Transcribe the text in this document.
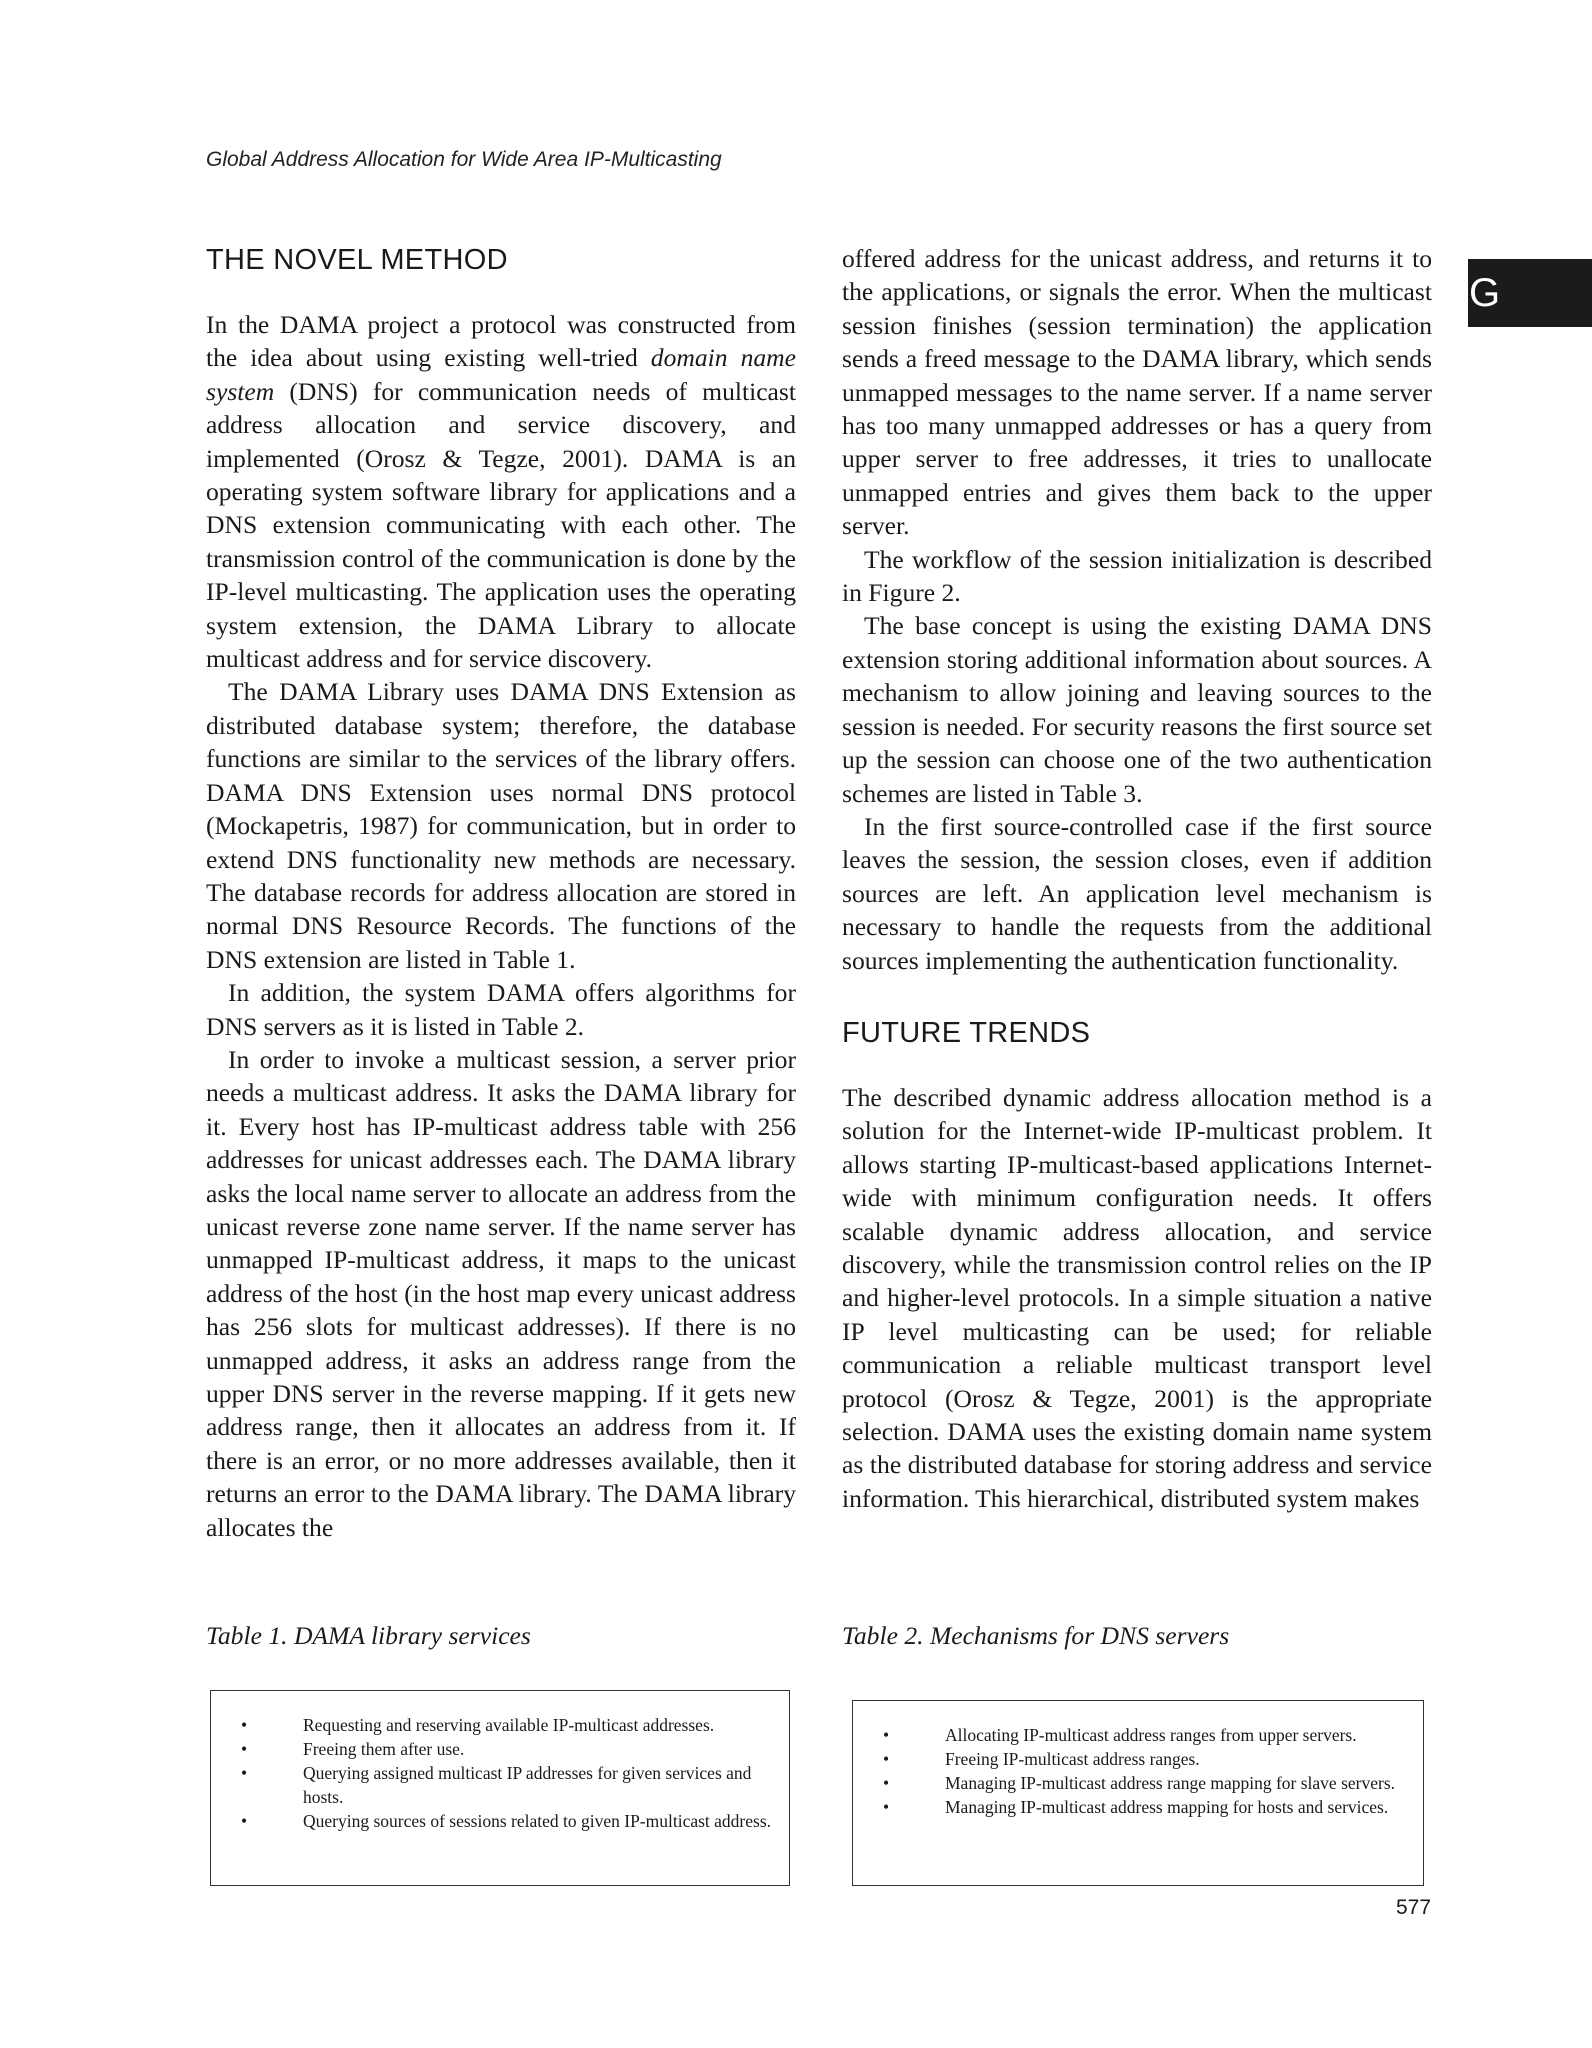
Global Address Allocation for Wide Area IP-Multicasting
G
THE NOVEL METHOD

In the DAMA project a protocol was constructed from the idea about using existing well-tried domain name system (DNS) for communication needs of multicast address allocation and service discovery, and implemented (Orosz & Tegze, 2001). DAMA is an operating system software library for applications and a DNS extension communicating with each other. The transmission control of the communication is done by the IP-level multicasting. The application uses the operating system extension, the DAMA Library to allocate multicast address and for service discovery.

The DAMA Library uses DAMA DNS Extension as distributed database system; therefore, the database functions are similar to the services of the library offers. DAMA DNS Extension uses normal DNS protocol (Mockapetris, 1987) for communication, but in order to extend DNS functionality new methods are necessary. The database records for address allocation are stored in normal DNS Resource Records. The functions of the DNS extension are listed in Table 1.

In addition, the system DAMA offers algorithms for DNS servers as it is listed in Table 2.

In order to invoke a multicast session, a server prior needs a multicast address. It asks the DAMA library for it. Every host has IP-multicast address table with 256 addresses for unicast addresses each. The DAMA library asks the local name server to allocate an address from the unicast reverse zone name server. If the name server has unmapped IP-multicast address, it maps to the unicast address of the host (in the host map every unicast address has 256 slots for multicast addresses). If there is no unmapped address, it asks an address range from the upper DNS server in the reverse mapping. If it gets new address range, then it allocates an address from it. If there is an error, or no more addresses available, then it returns an error to the DAMA library. The DAMA library allocates the

offered address for the unicast address, and returns it to the applications, or signals the error. When the multicast session finishes (session termination) the application sends a freed message to the DAMA library, which sends unmapped messages to the name server. If a name server has too many unmapped addresses or has a query from upper server to free addresses, it tries to unallocate unmapped entries and gives them back to the upper server.

The workflow of the session initialization is described in Figure 2.

The base concept is using the existing DAMA DNS extension storing additional information about sources. A mechanism to allow joining and leaving sources to the session is needed. For security reasons the first source set up the session can choose one of the two authentication schemes are listed in Table 3.

In the first source-controlled case if the first source leaves the session, the session closes, even if addition sources are left. An application level mechanism is necessary to handle the requests from the additional sources implementing the authentication functionality.

FUTURE TRENDS

The described dynamic address allocation method is a solution for the Internet-wide IP-multicast problem. It allows starting IP-multicast-based applications Internet-wide with minimum configuration needs. It offers scalable dynamic address allocation, and service discovery, while the transmission control relies on the IP and higher-level protocols. In a simple situation a native IP level multicasting can be used; for reliable communication a reliable multicast transport level protocol (Orosz & Tegze, 2001) is the appropriate selection. DAMA uses the existing domain name system as the distributed database for storing address and service information. This hierarchical, distributed system makes

Table 1. DAMA library services	Table 2. Mechanisms for DNS servers
• Requesting and reserving available IP-multicast addresses.
• Freeing them after use.
• Querying assigned multicast IP addresses for given services and hosts.
• Querying sources of sessions related to given IP-multicast address.
• Allocating IP-multicast address ranges from upper servers.
• Freeing IP-multicast address ranges.
• Managing IP-multicast address range mapping for slave servers.
• Managing IP-multicast address mapping for hosts and services.
577
